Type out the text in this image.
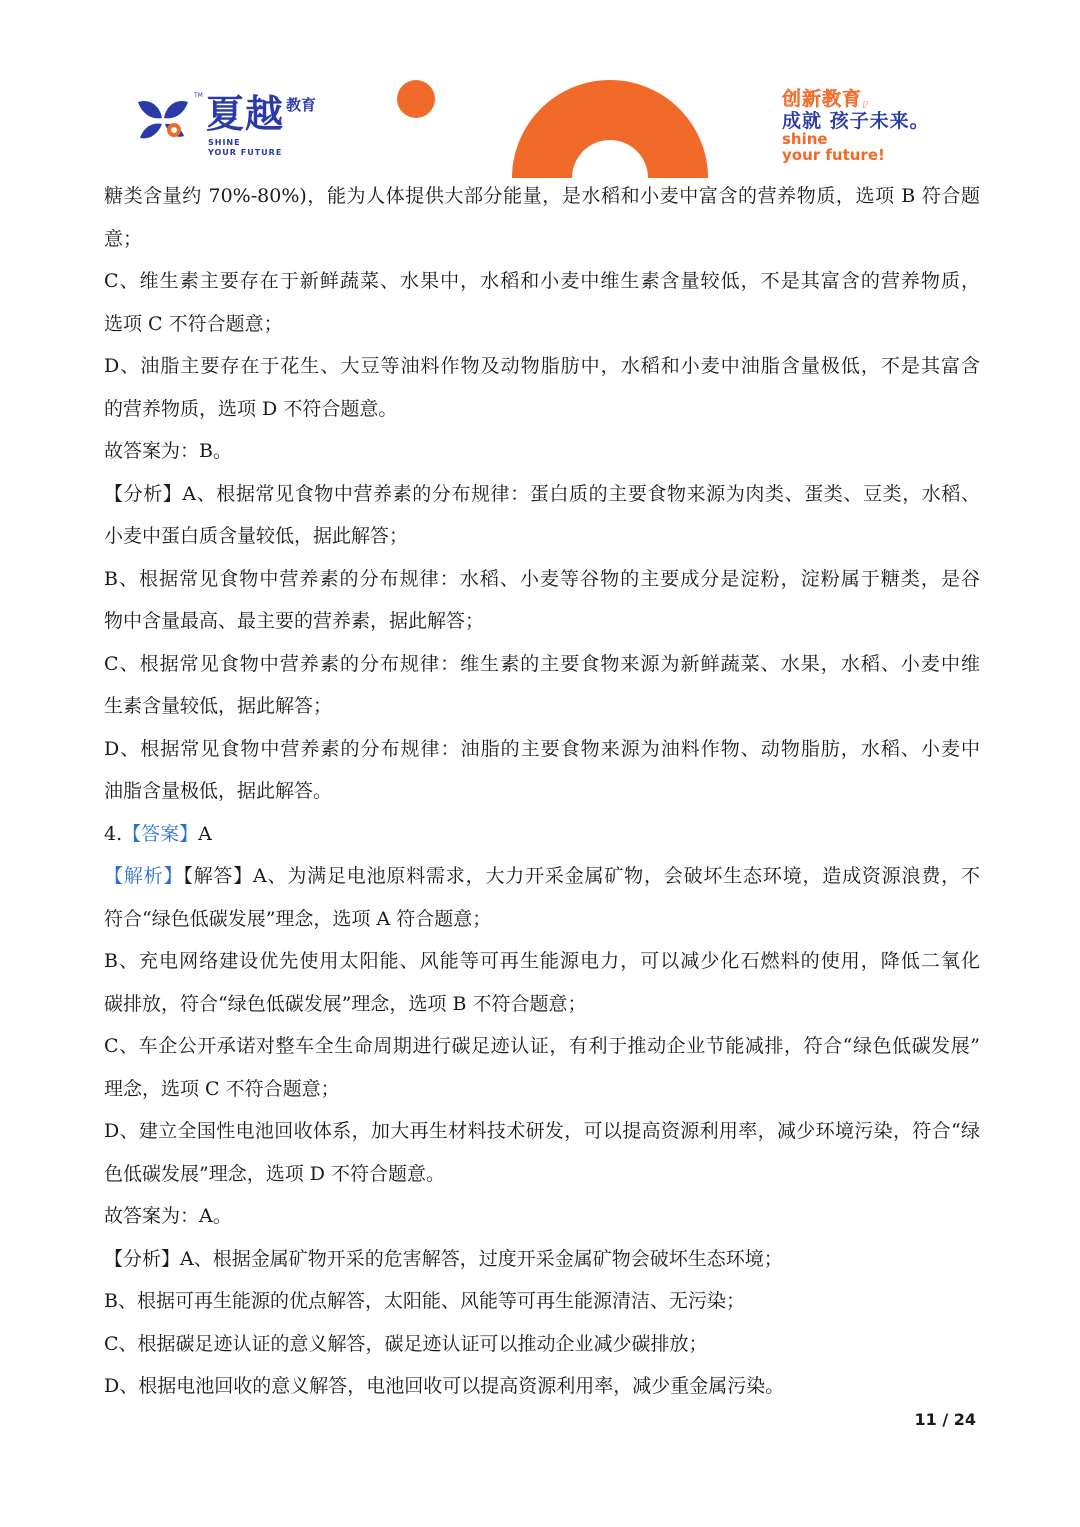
TM 夏越 教育
SHINE
YOUR FUTURE
创新教育,
成就 孩子未来。
shine
your future!
糖类含量约 70%-80%)，能为人体提供大部分能量，是水稻和小麦中富含的营养物质，选项 B 符合题
意；
C、维生素主要存在于新鲜蔬菜、水果中，水稻和小麦中维生素含量较低，不是其富含的营养物质，
选项 C 不符合题意；
D、油脂主要存在于花生、大豆等油料作物及动物脂肪中，水稻和小麦中油脂含量极低，不是其富含
的营养物质，选项 D 不符合题意。
故答案为：B。
【分析】A、根据常见食物中营养素的分布规律：蛋白质的主要食物来源为肉类、蛋类、豆类，水稻、
小麦中蛋白质含量较低，据此解答；
B、根据常见食物中营养素的分布规律：水稻、小麦等谷物的主要成分是淀粉，淀粉属于糖类，是谷
物中含量最高、最主要的营养素，据此解答；
C、根据常见食物中营养素的分布规律：维生素的主要食物来源为新鲜蔬菜、水果，水稻、小麦中维
生素含量较低，据此解答；
D、根据常见食物中营养素的分布规律：油脂的主要食物来源为油料作物、动物脂肪，水稻、小麦中
油脂含量极低，据此解答。
4.【答案】A
【解析】【解答】A、为满足电池原料需求，大力开采金属矿物，会破坏生态环境，造成资源浪费，不
符合“绿色低碳发展”理念，选项 A 符合题意；
B、充电网络建设优先使用太阳能、风能等可再生能源电力，可以减少化石燃料的使用，降低二氧化
碳排放，符合“绿色低碳发展”理念，选项 B 不符合题意；
C、车企公开承诺对整车全生命周期进行碳足迹认证，有利于推动企业节能减排，符合“绿色低碳发展”
理念，选项 C 不符合题意；
D、建立全国性电池回收体系，加大再生材料技术研发，可以提高资源利用率，减少环境污染，符合“绿
色低碳发展”理念，选项 D 不符合题意。
故答案为：A。
【分析】A、根据金属矿物开采的危害解答，过度开采金属矿物会破坏生态环境；
B、根据可再生能源的优点解答，太阳能、风能等可再生能源清洁、无污染；
C、根据碳足迹认证的意义解答，碳足迹认证可以推动企业减少碳排放；
D、根据电池回收的意义解答，电池回收可以提高资源利用率，减少重金属污染。
11 / 24
